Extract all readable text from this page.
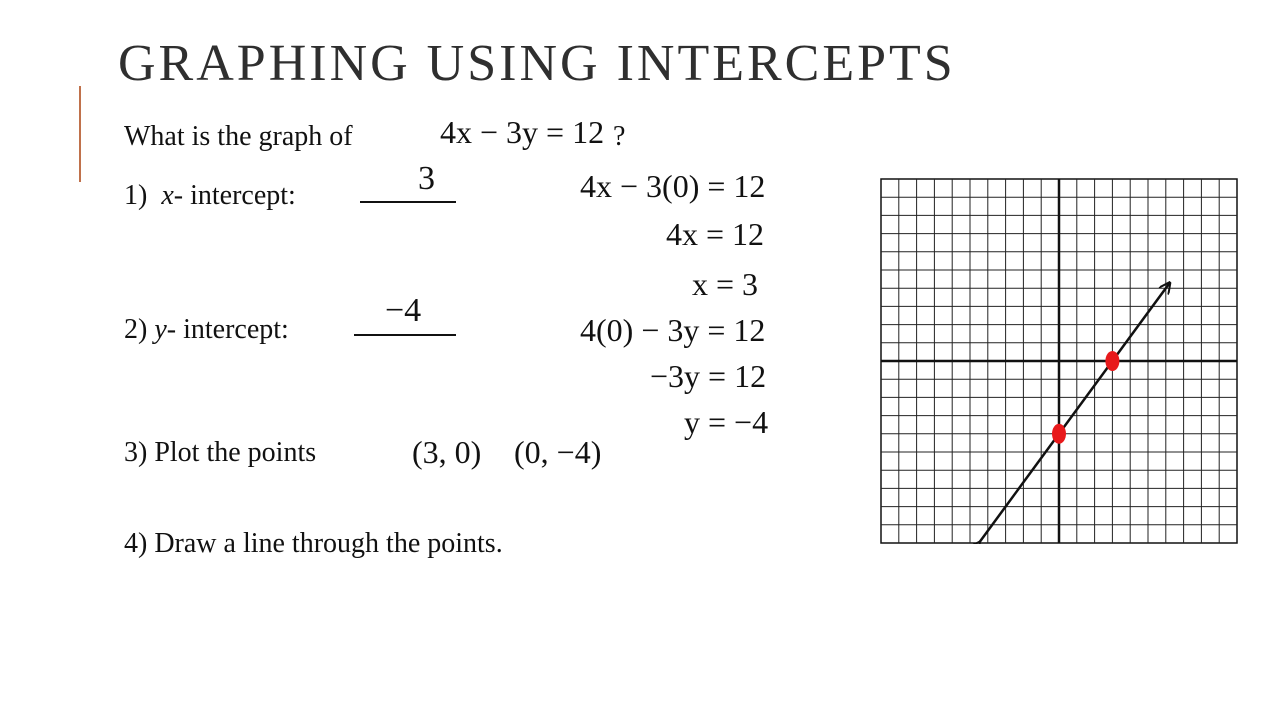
GRAPHING USING INTERCEPTS
What is the graph of	4x − 3y = 12 ?
1) x- intercept:	3
2) y- intercept:
−4
3) Plot the points	(3, 0) (0, −4)
4) Draw a line through the points.
4x − 3(0) = 12
4x = 12
x = 3
4(0) − 3y = 12
−3y = 12
y = −4
